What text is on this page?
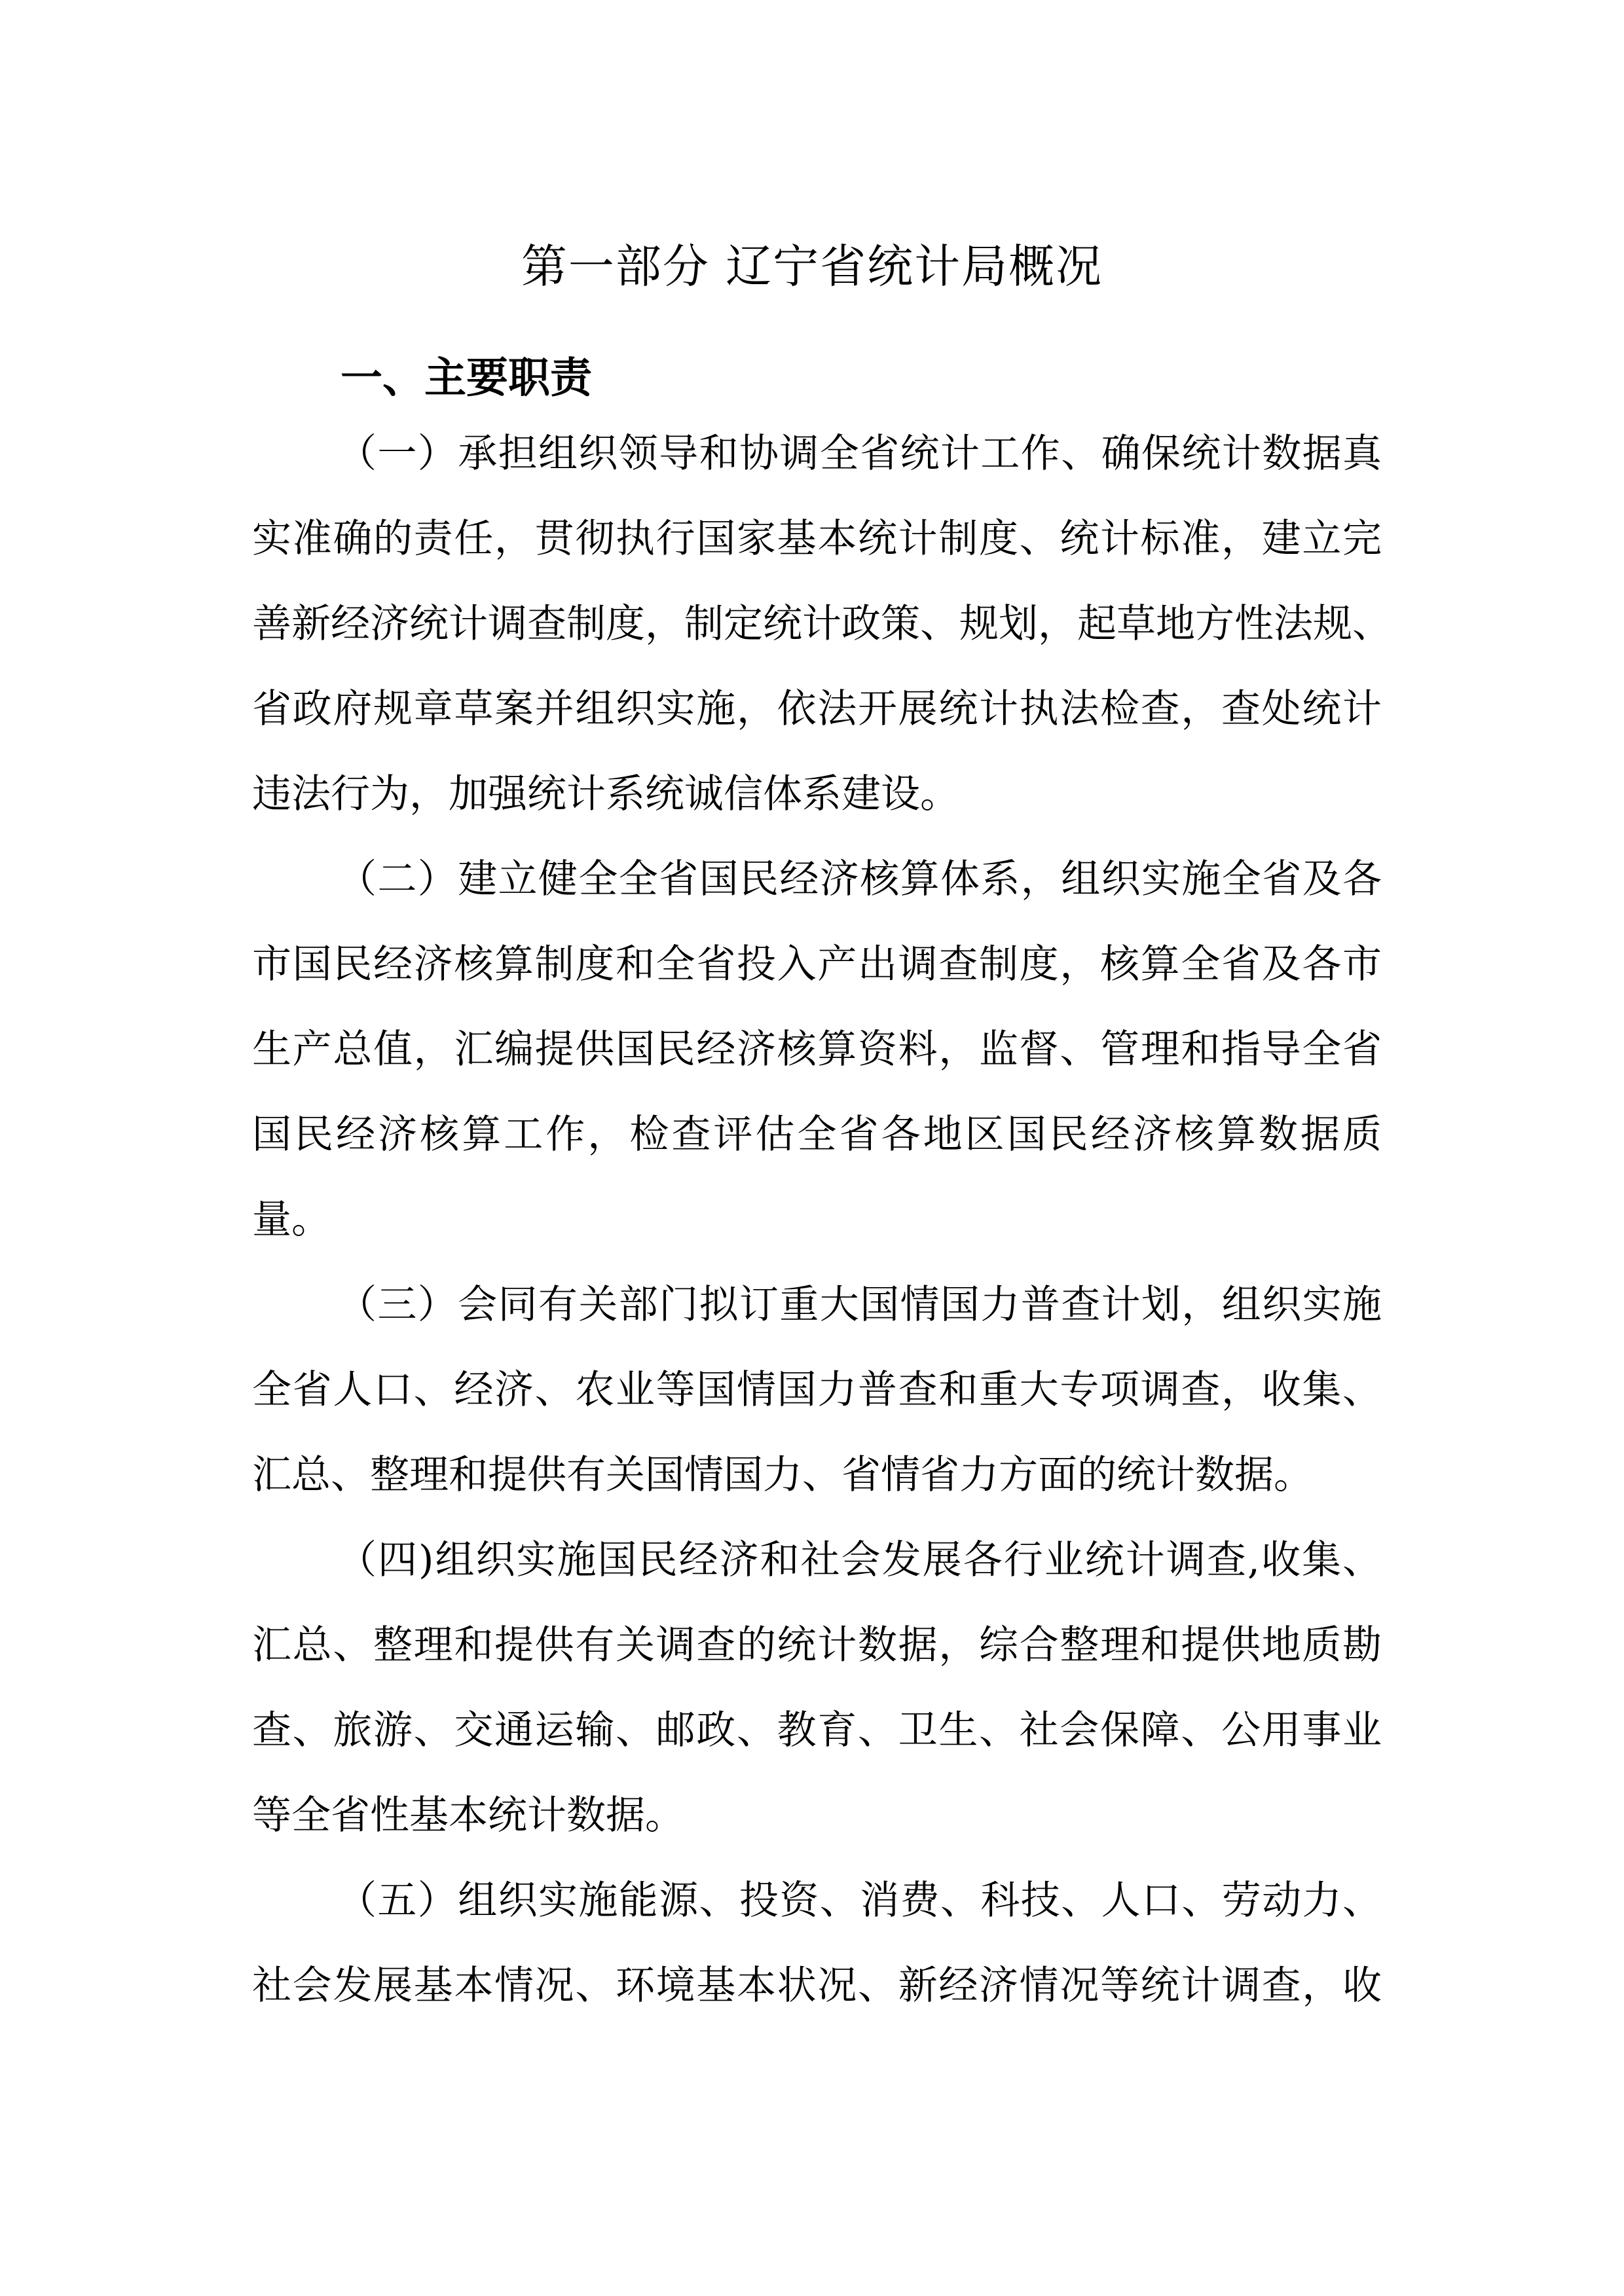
第一部分 辽宁省统计局概况
一、主要职责
（一）承担组织领导和协调全省统计工作、确保统计数据真
实准确的责任，贯彻执行国家基本统计制度、统计标准，建立完
善新经济统计调查制度，制定统计政策、规划，起草地方性法规、
省政府规章草案并组织实施，依法开展统计执法检查，查处统计
违法行为，加强统计系统诚信体系建设。
（二）建立健全全省国民经济核算体系，组织实施全省及各
市国民经济核算制度和全省投入产出调查制度，核算全省及各市
生产总值，汇编提供国民经济核算资料，监督、管理和指导全省
国民经济核算工作，检查评估全省各地区国民经济核算数据质
量。
（三）会同有关部门拟订重大国情国力普查计划，组织实施
全省人口、经济、农业等国情国力普查和重大专项调查，收集、
汇总、整理和提供有关国情国力、省情省力方面的统计数据。
（四)组织实施国民经济和社会发展各行业统计调查,收集、
汇总、整理和提供有关调查的统计数据，综合整理和提供地质勘
查、旅游、交通运输、邮政、教育、卫生、社会保障、公用事业
等全省性基本统计数据。
（五）组织实施能源、投资、消费、科技、人口、劳动力、
社会发展基本情况、环境基本状况、新经济情况等统计调查，收
